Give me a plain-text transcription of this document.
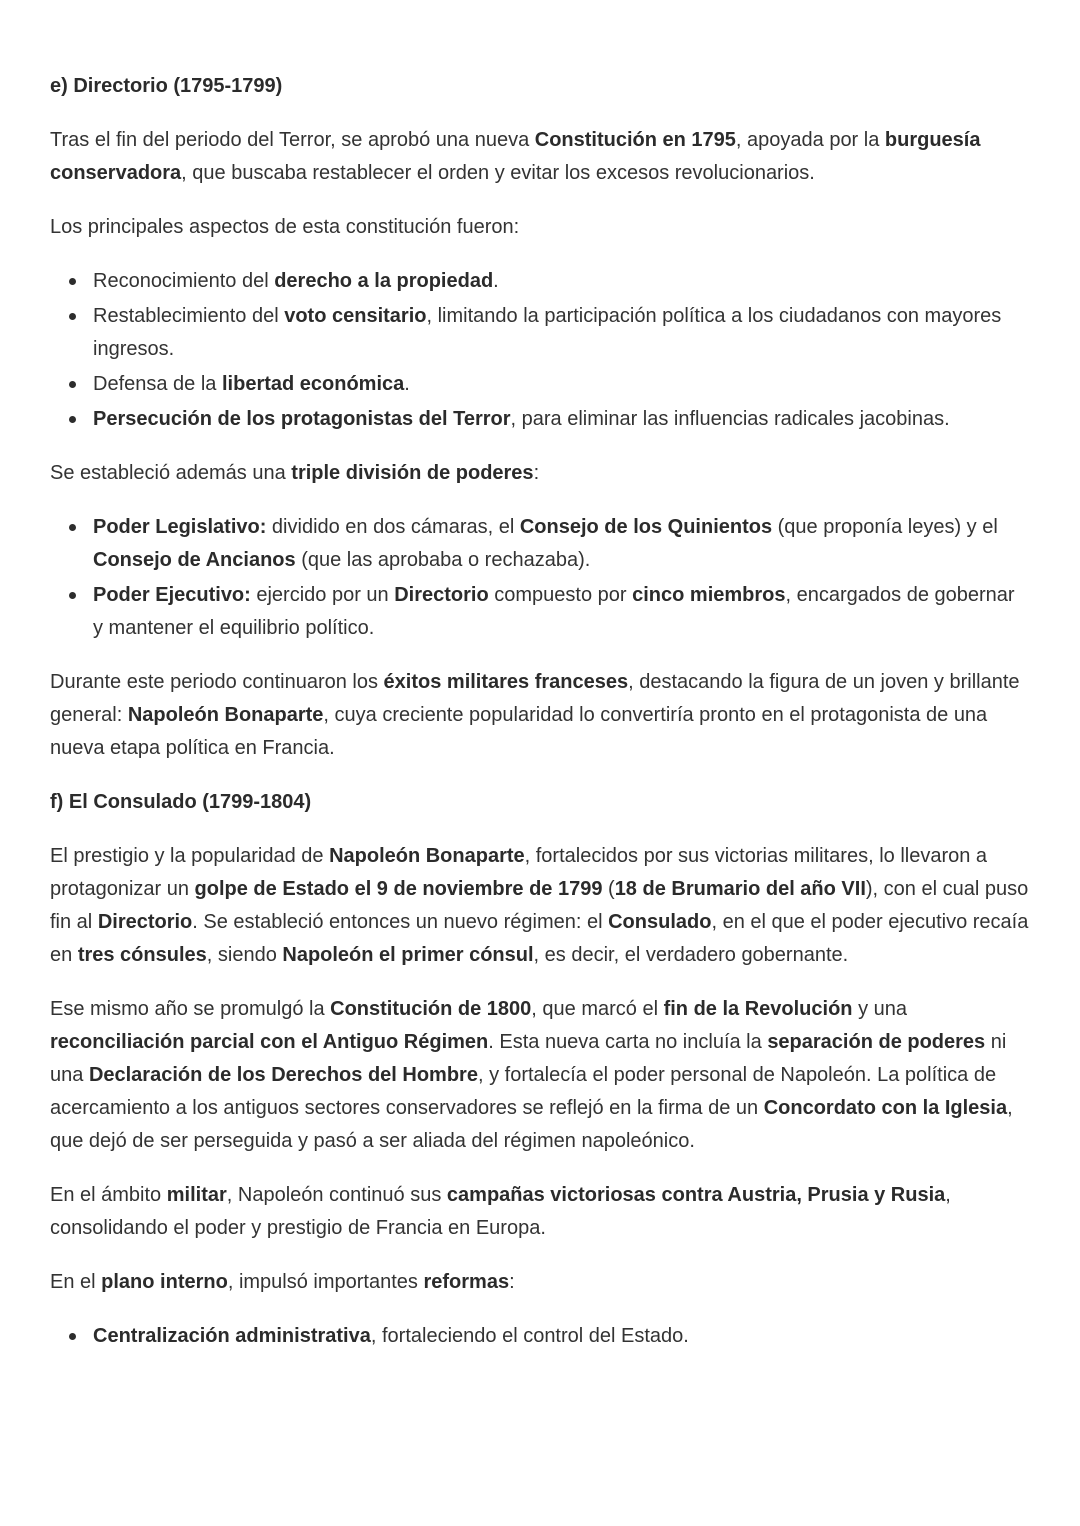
e) Directorio (1795-1799)

Tras el fin del periodo del Terror, se aprobó una nueva Constitución en 1795, apoyada por la burguesía conservadora, que buscaba restablecer el orden y evitar los excesos revolucionarios.

Los principales aspectos de esta constitución fueron:

Reconocimiento del derecho a la propiedad.
Restablecimiento del voto censitario, limitando la participación política a los ciudadanos con mayores ingresos.
Defensa de la libertad económica.
Persecución de los protagonistas del Terror, para eliminar las influencias radicales jacobinas.

Se estableció además una triple división de poderes:

Poder Legislativo: dividido en dos cámaras, el Consejo de los Quinientos (que proponía leyes) y el Consejo de Ancianos (que las aprobaba o rechazaba).
Poder Ejecutivo: ejercido por un Directorio compuesto por cinco miembros, encargados de gobernar y mantener el equilibrio político.

Durante este periodo continuaron los éxitos militares franceses, destacando la figura de un joven y brillante general: Napoleón Bonaparte, cuya creciente popularidad lo convertiría pronto en el protagonista de una nueva etapa política en Francia.

f) El Consulado (1799-1804)

El prestigio y la popularidad de Napoleón Bonaparte, fortalecidos por sus victorias militares, lo llevaron a protagonizar un golpe de Estado el 9 de noviembre de 1799 (18 de Brumario del año VII), con el cual puso fin al Directorio. Se estableció entonces un nuevo régimen: el Consulado, en el que el poder ejecutivo recaía en tres cónsules, siendo Napoleón el primer cónsul, es decir, el verdadero gobernante.

Ese mismo año se promulgó la Constitución de 1800, que marcó el fin de la Revolución y una reconciliación parcial con el Antiguo Régimen. Esta nueva carta no incluía la separación de poderes ni una Declaración de los Derechos del Hombre, y fortalecía el poder personal de Napoleón. La política de acercamiento a los antiguos sectores conservadores se reflejó en la firma de un Concordato con la Iglesia, que dejó de ser perseguida y pasó a ser aliada del régimen napoleónico.

En el ámbito militar, Napoleón continuó sus campañas victoriosas contra Austria, Prusia y Rusia, consolidando el poder y prestigio de Francia en Europa.

En el plano interno, impulsó importantes reformas:

Centralización administrativa, fortaleciendo el control del Estado.
